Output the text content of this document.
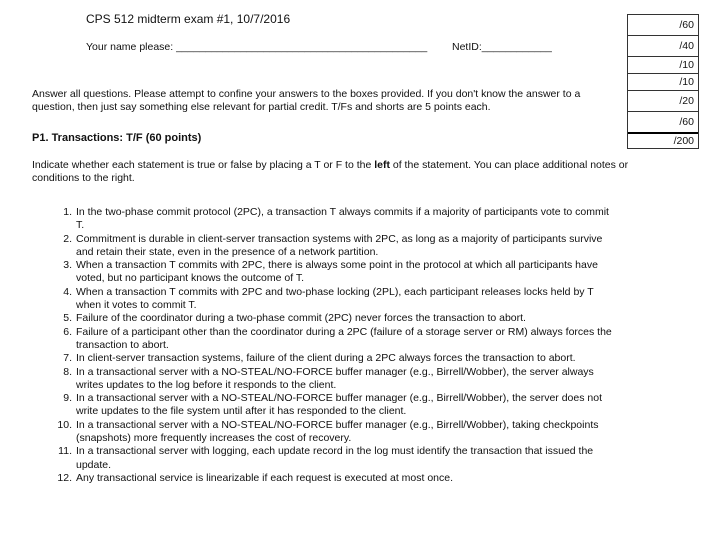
CPS 512 midterm exam #1, 10/7/2016
Your name please: ___________________________________________ NetID:____________
/60
/40
/10
/10
/20
/60
/200
Answer all questions. Please attempt to confine your answers to the boxes provided. If you don't know the answer to a question, then just say something else relevant for partial credit. T/Fs and shorts are 5 points each.
P1. Transactions: T/F (60 points)
Indicate whether each statement is true or false by placing a T or F to the left of the statement. You can place additional notes or conditions to the right.
1. In the two-phase commit protocol (2PC), a transaction T always commits if a majority of participants vote to commit T.
2. Commitment is durable in client-server transaction systems with 2PC, as long as a majority of participants survive and retain their state, even in the presence of a network partition.
3. When a transaction T commits with 2PC, there is always some point in the protocol at which all participants have voted, but no participant knows the outcome of T.
4. When a transaction T commits with 2PC and two-phase locking (2PL), each participant releases locks held by T when it votes to commit T.
5. Failure of the coordinator during a two-phase commit (2PC) never forces the transaction to abort.
6. Failure of a participant other than the coordinator during a 2PC (failure of a storage server or RM) always forces the transaction to abort.
7. In client-server transaction systems, failure of the client during a 2PC always forces the transaction to abort.
8. In a transactional server with a NO-STEAL/NO-FORCE buffer manager (e.g., Birrell/Wobber), the server always writes updates to the log before it responds to the client.
9. In a transactional server with a NO-STEAL/NO-FORCE buffer manager (e.g., Birrell/Wobber), the server does not write updates to the file system until after it has responded to the client.
10. In a transactional server with a NO-STEAL/NO-FORCE buffer manager (e.g., Birrell/Wobber), taking checkpoints (snapshots) more frequently increases the cost of recovery.
11. In a transactional server with logging, each update record in the log must identify the transaction that issued the update.
12. Any transactional service is linearizable if each request is executed at most once.
